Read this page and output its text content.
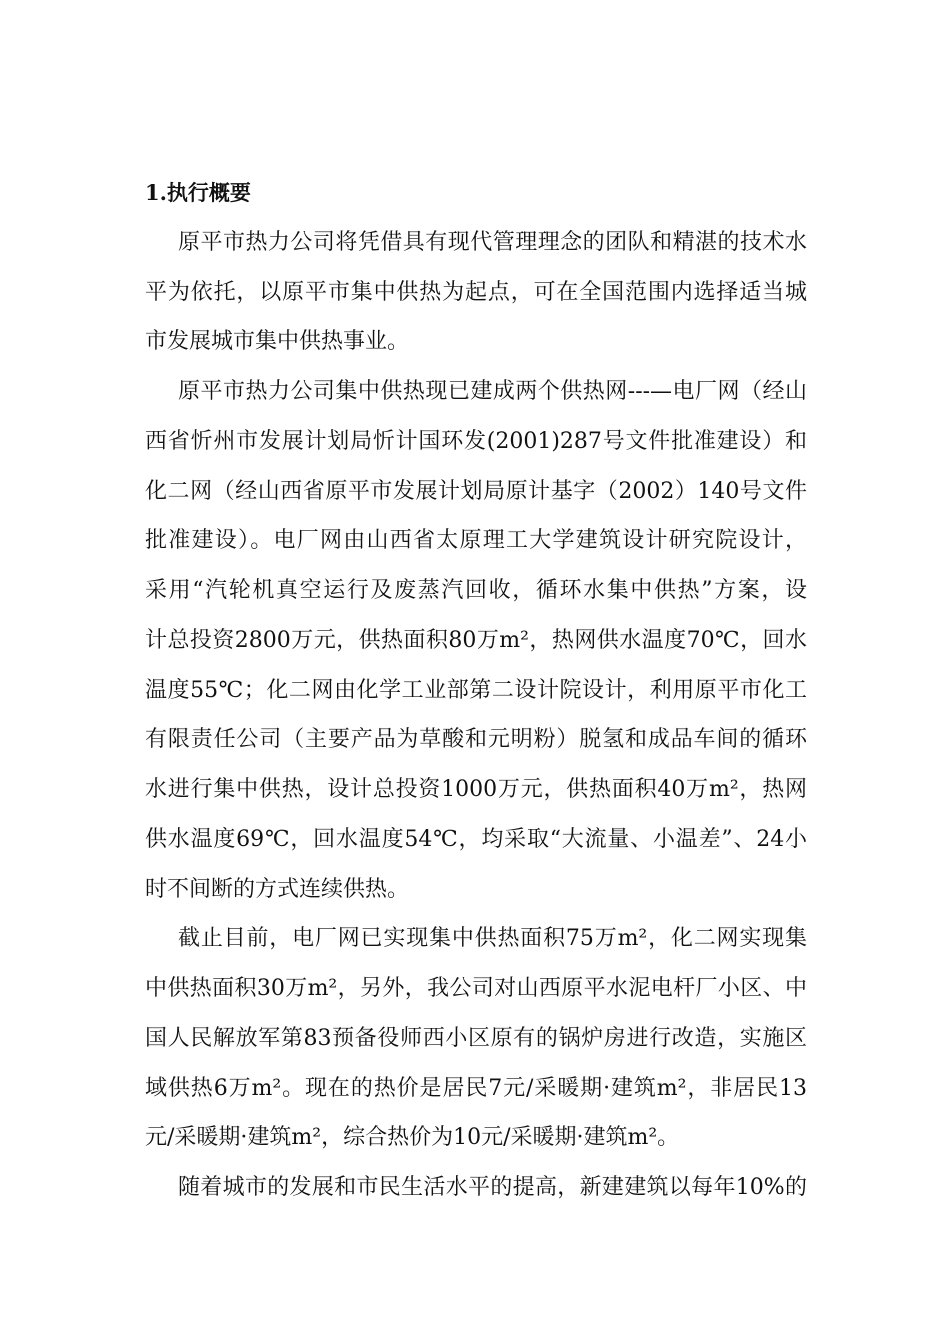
1.执行概要
原平市热力公司将凭借具有现代管理理念的团队和精湛的技术水
平为依托，以原平市集中供热为起点，可在全国范围内选择适当城
市发展城市集中供热事业。
原平市热力公司集中供热现已建成两个供热网---—电厂网（经山
西省忻州市发展计划局忻计国环发(2001)287号文件批准建设）和
化二网（经山西省原平市发展计划局原计基字（2002）140号文件
批准建设）。电厂网由山西省太原理工大学建筑设计研究院设计，
采用“汽轮机真空运行及废蒸汽回收，循环水集中供热”方案，设
计总投资2800万元，供热面积80万m²，热网供水温度70℃，回水
温度55℃；化二网由化学工业部第二设计院设计，利用原平市化工
有限责任公司（主要产品为草酸和元明粉）脱氢和成品车间的循环
水进行集中供热，设计总投资1000万元，供热面积40万m²，热网
供水温度69℃，回水温度54℃，均采取“大流量、小温差”、24小
时不间断的方式连续供热。
截止目前，电厂网已实现集中供热面积75万m²，化二网实现集
中供热面积30万m²，另外，我公司对山西原平水泥电杆厂小区、中
国人民解放军第83预备役师西小区原有的锅炉房进行改造，实施区
域供热6万m²。现在的热价是居民7元/采暖期·建筑m²，非居民13
元/采暖期·建筑m²，综合热价为10元/采暖期·建筑m²。
随着城市的发展和市民生活水平的提高，新建建筑以每年10%的
